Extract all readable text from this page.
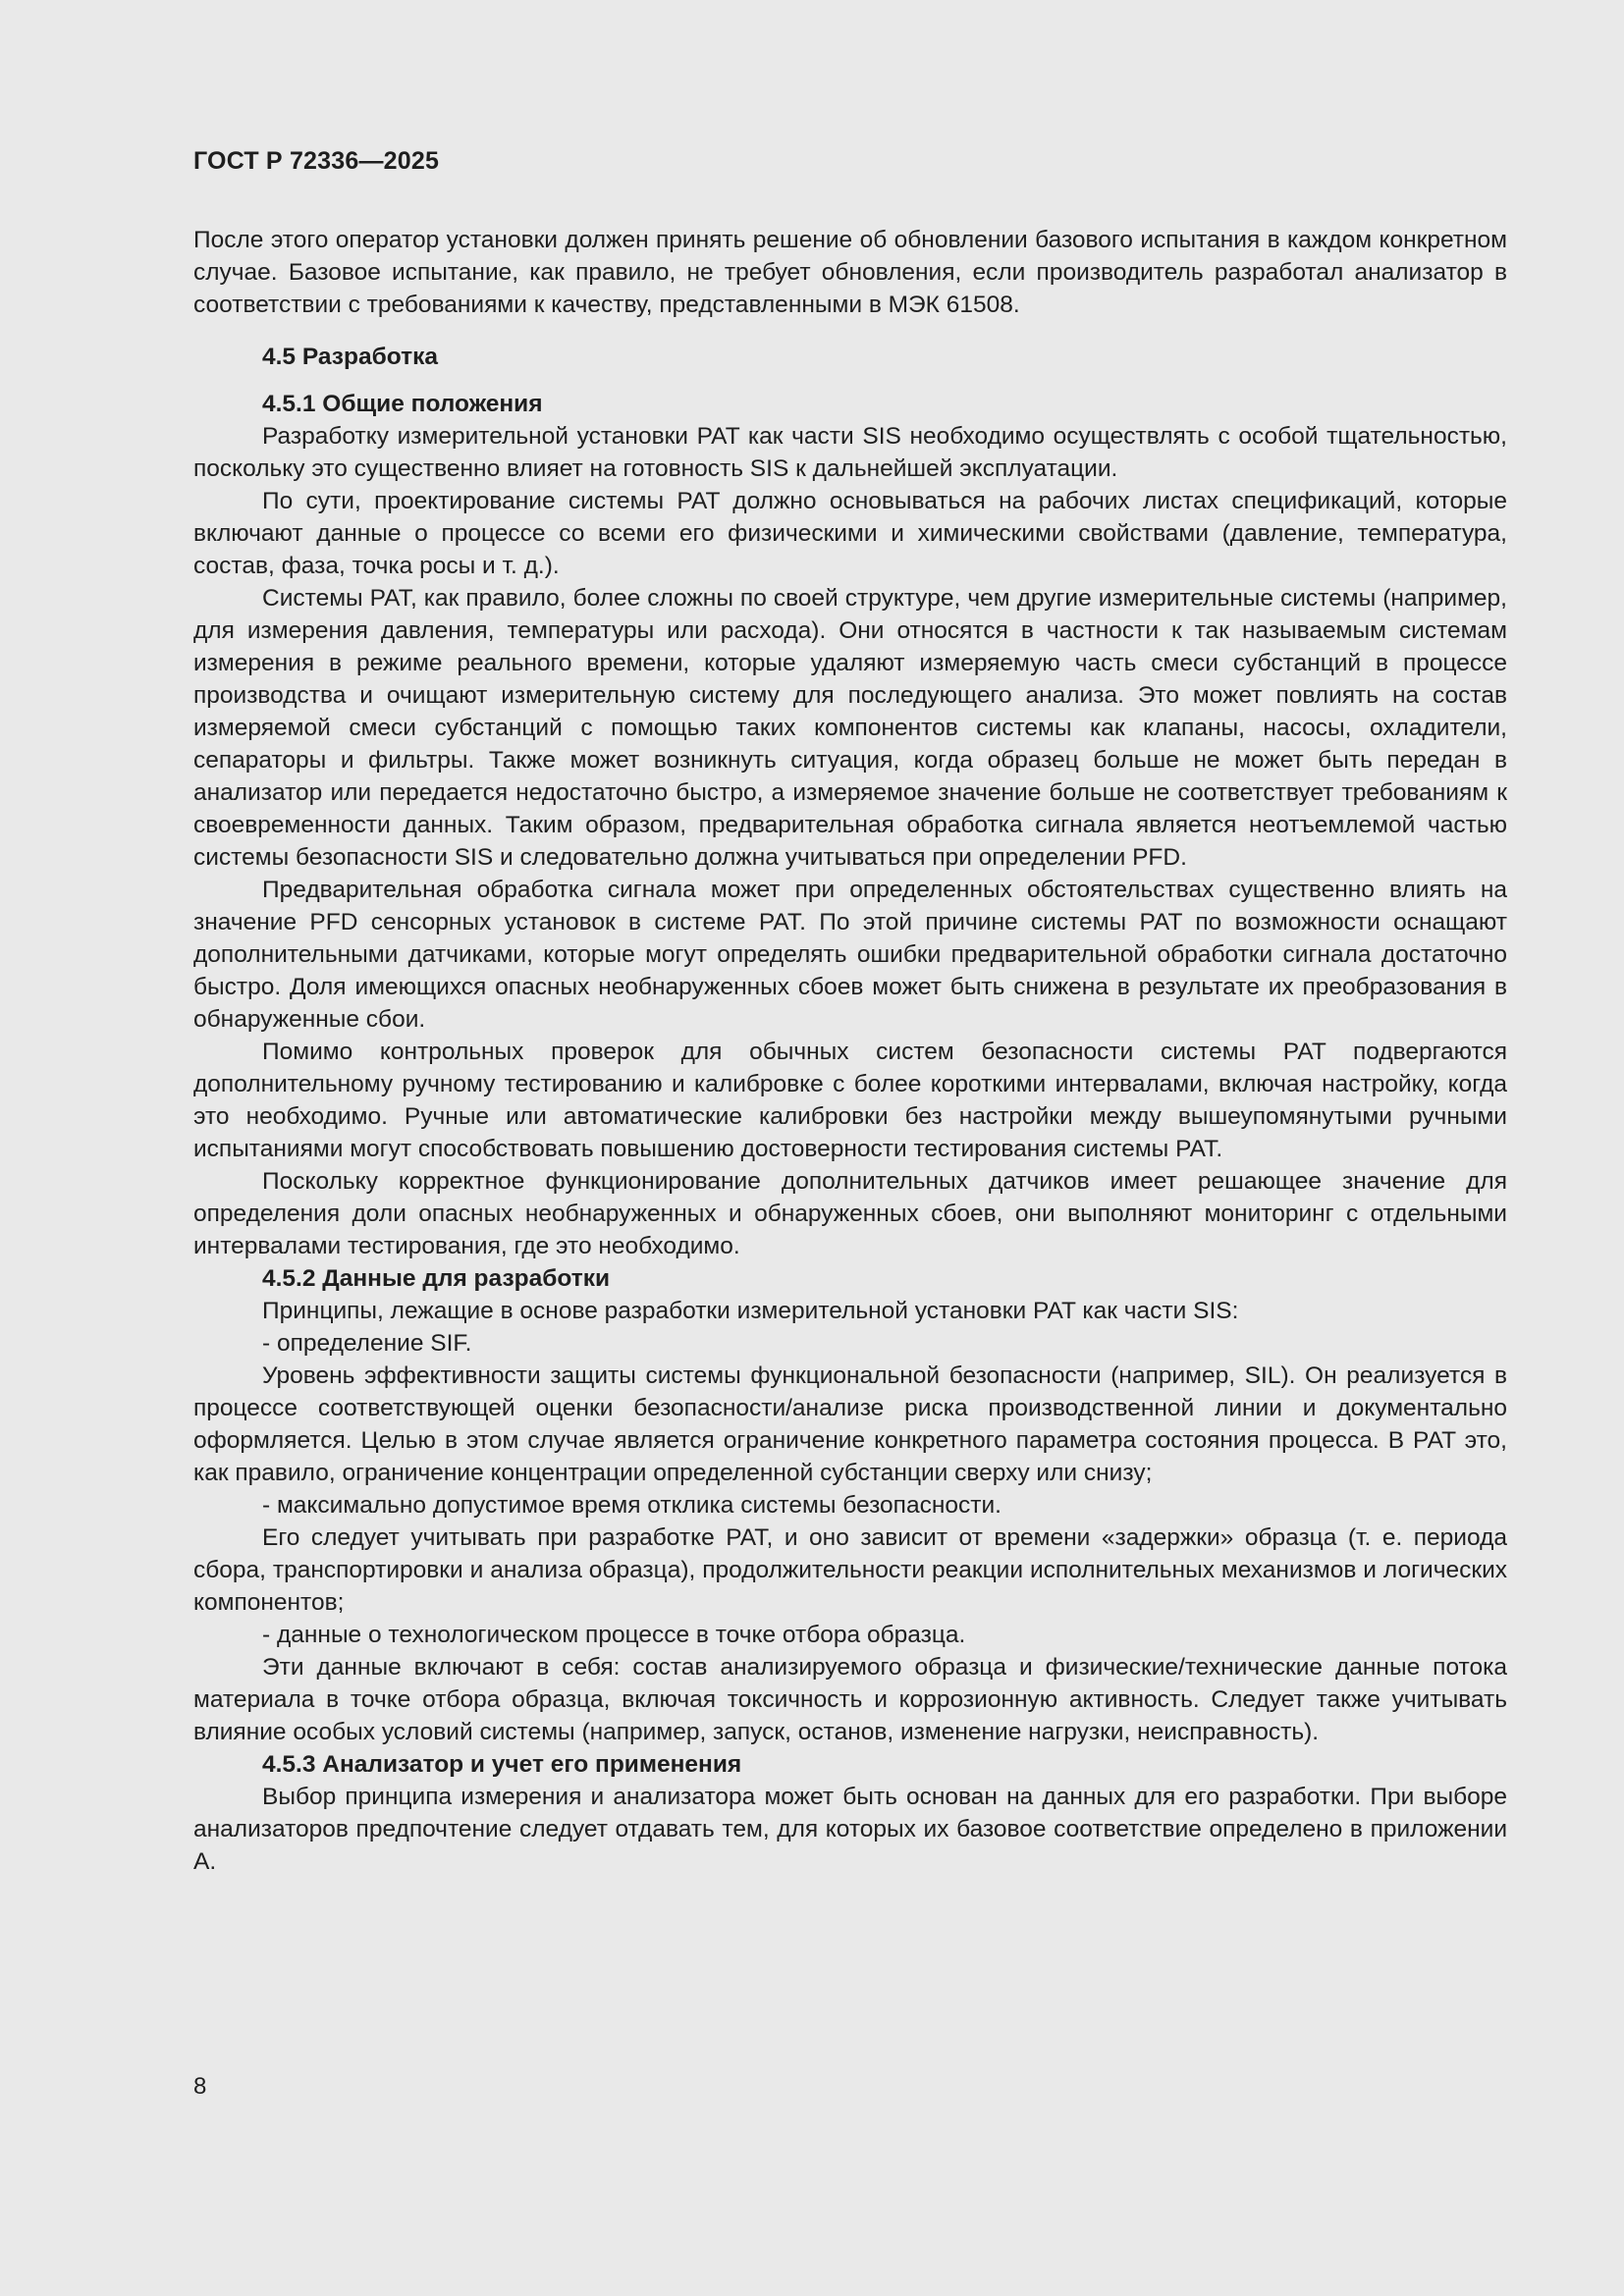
ГОСТ Р 72336—2025

После этого оператор установки должен принять решение об обновлении базового испытания в каждом конкретном случае. Базовое испытание, как правило, не требует обновления, если производитель разработал анализатор в соответствии с требованиями к качеству, представленными в МЭК 61508.

4.5 Разработка
4.5.1 Общие положения

Разработку измерительной установки PAT как части SIS необходимо осуществлять с особой тщательностью, поскольку это существенно влияет на готовность SIS к дальнейшей эксплуатации.

По сути, проектирование системы PAT должно основываться на рабочих листах спецификаций, которые включают данные о процессе со всеми его физическими и химическими свойствами (давление, температура, состав, фаза, точка росы и т. д.).

Системы PAT, как правило, более сложны по своей структуре, чем другие измерительные системы (например, для измерения давления, температуры или расхода). Они относятся в частности к так называемым системам измерения в режиме реального времени, которые удаляют измеряемую часть смеси субстанций в процессе производства и очищают измерительную систему для последующего анализа. Это может повлиять на состав измеряемой смеси субстанций с помощью таких компонентов системы как клапаны, насосы, охладители, сепараторы и фильтры. Также может возникнуть ситуация, когда образец больше не может быть передан в анализатор или передается недостаточно быстро, а измеряемое значение больше не соответствует требованиям к своевременности данных. Таким образом, предварительная обработка сигнала является неотъемлемой частью системы безопасности SIS и следовательно должна учитываться при определении PFD.

Предварительная обработка сигнала может при определенных обстоятельствах существенно влиять на значение PFD сенсорных установок в системе PAT. По этой причине системы PAT по возможности оснащают дополнительными датчиками, которые могут определять ошибки предварительной обработки сигнала достаточно быстро. Доля имеющихся опасных необнаруженных сбоев может быть снижена в результате их преобразования в обнаруженные сбои.

Помимо контрольных проверок для обычных систем безопасности системы PAT подвергаются дополнительному ручному тестированию и калибровке с более короткими интервалами, включая настройку, когда это необходимо. Ручные или автоматические калибровки без настройки между вышеупомянутыми ручными испытаниями могут способствовать повышению достоверности тестирования системы PAT.

Поскольку корректное функционирование дополнительных датчиков имеет решающее значение для определения доли опасных необнаруженных и обнаруженных сбоев, они выполняют мониторинг с отдельными интервалами тестирования, где это необходимо.

4.5.2 Данные для разработки

Принципы, лежащие в основе разработки измерительной установки PAT как части SIS:

- определение SIF.

Уровень эффективности защиты системы функциональной безопасности (например, SIL). Он реализуется в процессе соответствующей оценки безопасности/анализе риска производственной линии и документально оформляется. Целью в этом случае является ограничение конкретного параметра состояния процесса. В PAT это, как правило, ограничение концентрации определенной субстанции сверху или снизу;

- максимально допустимое время отклика системы безопасности.

Его следует учитывать при разработке PAT, и оно зависит от времени «задержки» образца (т. е. периода сбора, транспортировки и анализа образца), продолжительности реакции исполнительных механизмов и логических компонентов;

- данные о технологическом процессе в точке отбора образца.

Эти данные включают в себя: состав анализируемого образца и физические/технические данные потока материала в точке отбора образца, включая токсичность и коррозионную активность. Следует также учитывать влияние особых условий системы (например, запуск, останов, изменение нагрузки, неисправность).

4.5.3 Анализатор и учет его применения

Выбор принципа измерения и анализатора может быть основан на данных для его разработки. При выборе анализаторов предпочтение следует отдавать тем, для которых их базовое соответствие определено в приложении А.

8
